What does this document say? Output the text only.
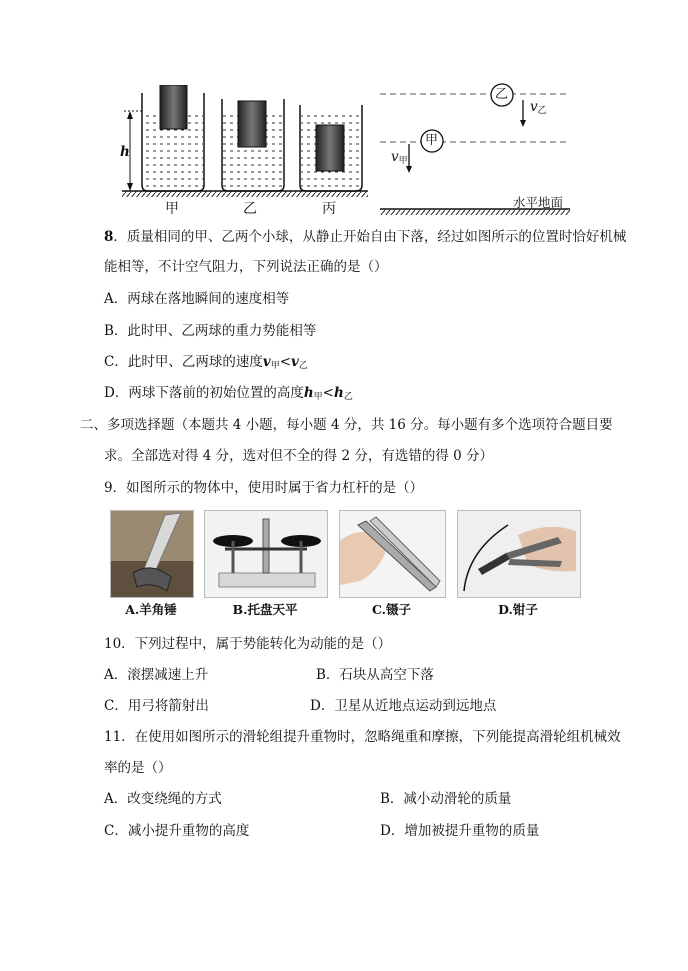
h
甲	乙	丙
乙
甲
$v_乙$
$v_甲$
水平地面
8．质量相同的甲、乙两个小球，从静止开始自由下落，经过如图所示的位置时恰好机械
能相等，不计空气阻力，下列说法正确的是（）
A．两球在落地瞬间的速度相等
B．此时甲、乙两球的重力势能相等
C．此时甲、乙两球的速度$v_甲<v_乙$
D．两球下落前的初始位置的高度$h_甲<h_乙$
二、多项选择题（本题共 4 小题，每小题 4 分，共 16 分。每小题有多个选项符合题目要
求。全部选对得 4 分，选对但不全的得 2 分，有选错的得 0 分）
9．如图所示的物体中，使用时属于省力杠杆的是（）
A.羊角锤	B.托盘天平	C.镊子	D.钳子
10．下列过程中，属于势能转化为动能的是（）
A．滚摆减速上升	B．石块从高空下落
C．用弓将箭射出	D．卫星从近地点运动到远地点
11．在使用如图所示的滑轮组提升重物时，忽略绳重和摩擦，下列能提高滑轮组机械效
率的是（）
A．改变绕绳的方式	B．减小动滑轮的质量
C．减小提升重物的高度	D．增加被提升重物的质量
